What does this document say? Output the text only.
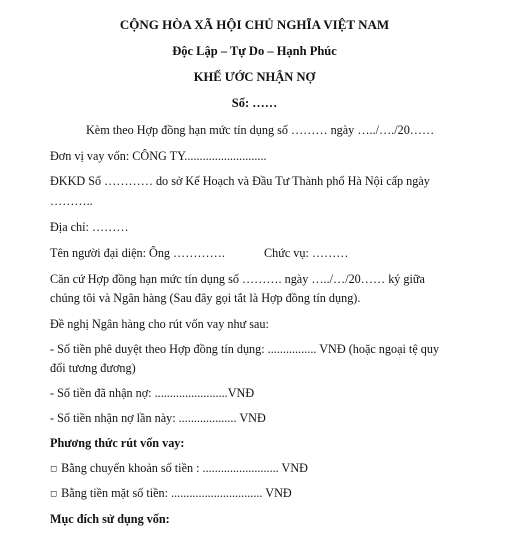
CỘNG HÒA XÃ HỘI CHỦ NGHĨA VIỆT NAM
Độc Lập – Tự Do – Hạnh Phúc
KHẾ ƯỚC NHẬN NỢ
Số: ……
Kèm theo Hợp đồng hạn mức tín dụng số ……… ngày …../…./20……
Đơn vị vay vốn: CÔNG TY...........................
ĐKKD Số ………… do sở Kế Hoạch và Đầu Tư Thành phố Hà Nội cấp ngày
………..
Địa chỉ: ………
Tên người đại diện: Ông ………….	Chức vụ: ………
Căn cứ Hợp đồng hạn mức tín dụng số ………. ngày …../…/20…… ký giữa
chúng tôi và Ngân hàng (Sau đây gọi tắt là Hợp đồng tín dụng).
Đề nghị Ngân hàng cho rút vốn vay như sau:
- Số tiền phê duyệt theo Hợp đồng tín dụng: ................ VNĐ (hoặc ngoại tệ quy
đổi tương đương)
- Số tiền đã nhận nợ: ........................VNĐ
- Số tiền nhận nợ lần này: ................... VNĐ
Phương thức rút vốn vay:
◻ Bằng chuyển khoản số tiền : ......................... VNĐ
◻ Bằng tiền mặt số tiền: .............................. VNĐ
Mục đích sử dụng vốn:
